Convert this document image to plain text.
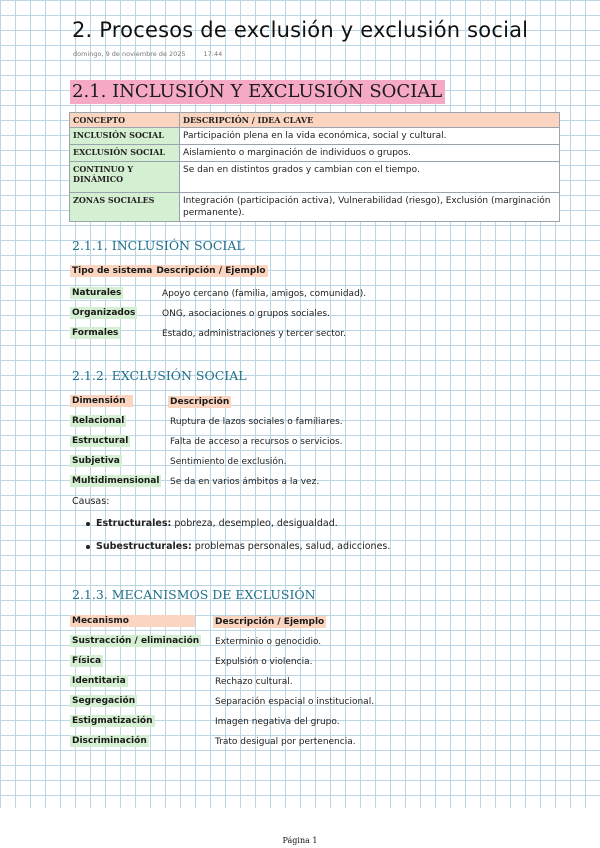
2. Procesos de exclusión y exclusión social
domingo, 9 de noviembre de 2025	17:44
2.1. INCLUSIÓN Y EXCLUSIÓN SOCIAL
CONCEPTO	DESCRIPCIÓN / IDEA CLAVE
INCLUSIÓN SOCIAL	Participación plena en la vida económica, social y cultural.
EXCLUSIÓN SOCIAL	Aislamiento o marginación de individuos o grupos.
CONTINUO Y DINÁMICO	Se dan en distintos grados y cambian con el tiempo.
ZONAS SOCIALES	Integración (participación activa), Vulnerabilidad (riesgo), Exclusión (marginación permanente).
2.1.1. INCLUSIÓN SOCIAL
Tipo de sistema Descripción / Ejemplo
Naturales	Apoyo cercano (familia, amigos, comunidad).
Organizados	ONG, asociaciones o grupos sociales.
Formales	Estado, administraciones y tercer sector.
2.1.2. EXCLUSIÓN SOCIAL
Dimensión	Descripción
Relacional	Ruptura de lazos sociales o familiares.
Estructural	Falta de acceso a recursos o servicios.
Subjetiva	Sentimiento de exclusión.
Multidimensional Se da en varios ámbitos a la vez.
Causas:
Estructurales: pobreza, desempleo, desigualdad.
Subestructurales: problemas personales, salud, adicciones.
2.1.3. MECANISMOS DE EXCLUSIÓN
Mecanismo	Descripción / Ejemplo
Sustracción / eliminación Exterminio o genocidio.
Física	Expulsión o violencia.
Identitaria	Rechazo cultural.
Segregación	Separación espacial o institucional.
Estigmatización	Imagen negativa del grupo.
Discriminación	Trato desigual por pertenencia.
Página 1
